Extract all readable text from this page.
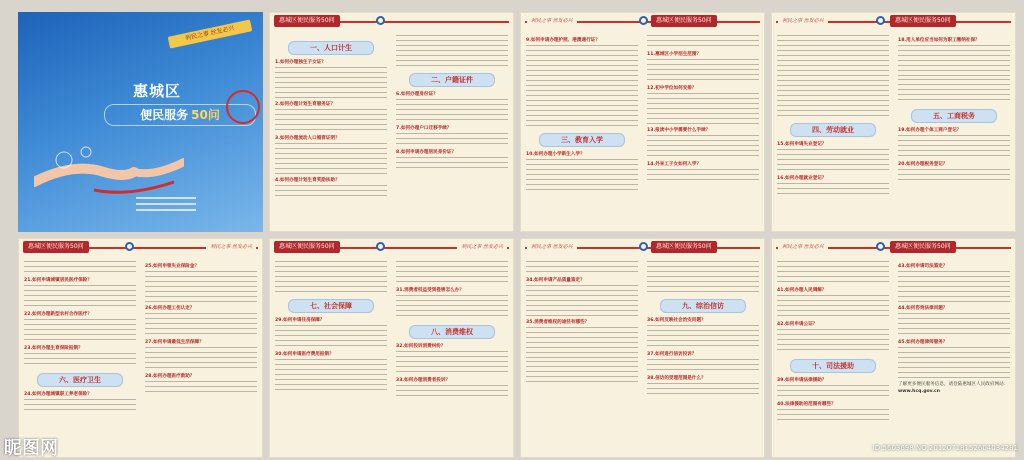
利民之事 丝发必兴
惠城区
便民服务 50问
惠城区便民服务50问
一、人口计生
1.如何办理独生子女证？
2.如何办理计划生育服务证？
3.如何办理流动人口婚育证明？
4.如何办理计划生育奖励扶助？
二、户籍证件
6.如何办理身份证？
7.如何办理户口迁移手续？
8.如何申请办理居民身份证？
利民之事 丝发必兴	惠城区便民服务50问
9.如何申请办理护照、港澳通行证？
三、教育入学
10.如何办理小学新生入学？
11.惠城区小学招生范围？
12.初中学位如何安排？
13.报读中小学需要什么手续？
14.外来工子女如何入学？
利民之事 丝发必兴	惠城区便民服务50问
四、劳动就业
15.如何申请失业登记？
16.如何办理就业登记？
18.用人单位应当如何为职工缴纳社保？
五、工商税务
19.如何办理个体工商户登记？
20.如何办理税务登记？
惠城区便民服务50问	利民之事 丝发必兴
21.如何申请城镇居民医疗保险？
22.如何办理新型农村合作医疗？
23.如何办理生育保险报销？
六、医疗卫生
24.如何办理城镇职工养老保险？
25.如何申领失业保险金？
26.如何办理工伤认定？
27.如何申请最低生活保障？
28.如何办理医疗救助？
惠城区便民服务50问	利民之事 丝发必兴
七、社会保障
29.如何申请住房保障？
30.如何申请医疗费用报销？
31.消费者权益受到侵害怎么办？
八、消费维权
32.如何投诉消费纠纷？
33.如何办理消费者投诉？
利民之事 丝发必兴	惠城区便民服务50问
34.如何申请产品质量鉴定？
35.消费者维权的途径有哪些？
九、综治信访
36.如何反映社会治安问题？
37.如何进行信访投诉？
38.信访的受理范围是什么？
利民之事 丝发必兴	惠城区便民服务50问
41.如何办理人民调解？
42.如何申请公证？
十、司法援助
39.如何申请法律援助？
40.法律援助的范围有哪些？
43.如何申请司法鉴定？
44.如何咨询法律问题？
45.如何办理律师服务？
了解更多便民服务信息，请登陆惠城区人民政府网站：
www.hcq.gov.cn
昵图网	ID:5603698 NO:20120718152604034281
